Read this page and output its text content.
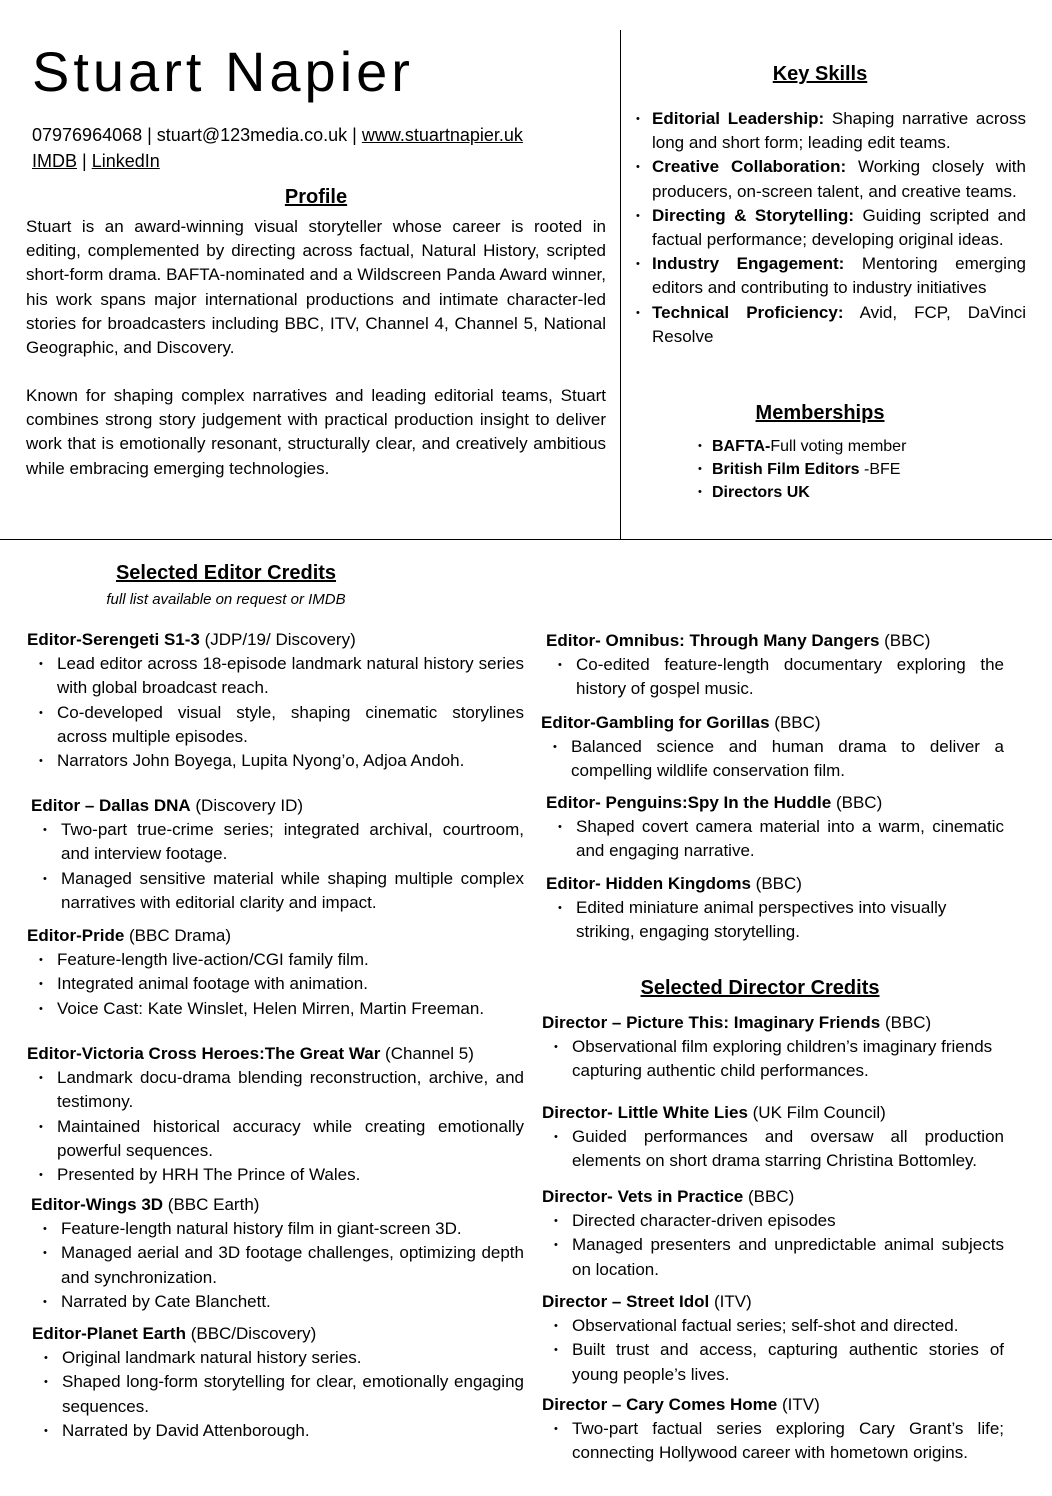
Stuart Napier
07976964068 | stuart@123media.co.uk | www.stuartnapier.uk
IMDB | LinkedIn
Profile
Stuart is an award-winning visual storyteller whose career is rooted in editing, complemented by directing across factual, Natural History, scripted short-form drama. BAFTA-nominated and a Wildscreen Panda Award winner, his work spans major international productions and intimate character-led stories for broadcasters including BBC, ITV, Channel 4, Channel 5, National Geographic, and Discovery.
Known for shaping complex narratives and leading editorial teams, Stuart combines strong story judgement with practical production insight to deliver work that is emotionally resonant, structurally clear, and creatively ambitious while embracing emerging technologies.
Key Skills
• Editorial Leadership: Shaping narrative across long and short form; leading edit teams.
• Creative Collaboration: Working closely with producers, on-screen talent, and creative teams.
• Directing & Storytelling: Guiding scripted and factual performance; developing original ideas.
• Industry Engagement: Mentoring emerging editors and contributing to industry initiatives
• Technical Proficiency: Avid, FCP, DaVinci Resolve
Memberships
• BAFTA-Full voting member
• British Film Editors -BFE
• Directors UK
Selected Editor Credits
full list available on request or IMDB
Editor-Serengeti S1-3 (JDP/19/ Discovery)
• Lead editor across 18-episode landmark natural history series with global broadcast reach.
• Co-developed visual style, shaping cinematic storylines across multiple episodes.
• Narrators John Boyega, Lupita Nyong’o, Adjoa Andoh.
Editor – Dallas DNA (Discovery ID)
• Two-part true-crime series; integrated archival, courtroom, and interview footage.
• Managed sensitive material while shaping multiple complex narratives with editorial clarity and impact.
Editor-Pride (BBC Drama)
• Feature-length live-action/CGI family film.
• Integrated animal footage with animation.
• Voice Cast: Kate Winslet, Helen Mirren, Martin Freeman.
Editor-Victoria Cross Heroes:The Great War (Channel 5)
• Landmark docu-drama blending reconstruction, archive, and testimony.
• Maintained historical accuracy while creating emotionally powerful sequences.
• Presented by HRH The Prince of Wales.
Editor-Wings 3D (BBC Earth)
• Feature-length natural history film in giant-screen 3D.
• Managed aerial and 3D footage challenges, optimizing depth and synchronization.
• Narrated by Cate Blanchett.
Editor-Planet Earth (BBC/Discovery)
• Original landmark natural history series.
• Shaped long-form storytelling for clear, emotionally engaging sequences.
• Narrated by David Attenborough.
Editor- Omnibus: Through Many Dangers (BBC)
• Co-edited feature-length documentary exploring the history of gospel music.
Editor-Gambling for Gorillas (BBC)
• Balanced science and human drama to deliver a compelling wildlife conservation film.
Editor- Penguins:Spy In the Huddle (BBC)
• Shaped covert camera material into a warm, cinematic and engaging narrative.
Editor- Hidden Kingdoms (BBC)
• Edited miniature animal perspectives into visually striking, engaging storytelling.
Selected Director Credits
Director – Picture This: Imaginary Friends (BBC)
• Observational film exploring children’s imaginary friends capturing authentic child performances.
Director- Little White Lies (UK Film Council)
• Guided performances and oversaw all production elements on short drama starring Christina Bottomley.
Director- Vets in Practice (BBC)
• Directed character-driven episodes
• Managed presenters and unpredictable animal subjects on location.
Director – Street Idol (ITV)
• Observational factual series; self-shot and directed.
• Built trust and access, capturing authentic stories of young people’s lives.
Director – Cary Comes Home (ITV)
• Two-part factual series exploring Cary Grant’s life; connecting Hollywood career with hometown origins.
